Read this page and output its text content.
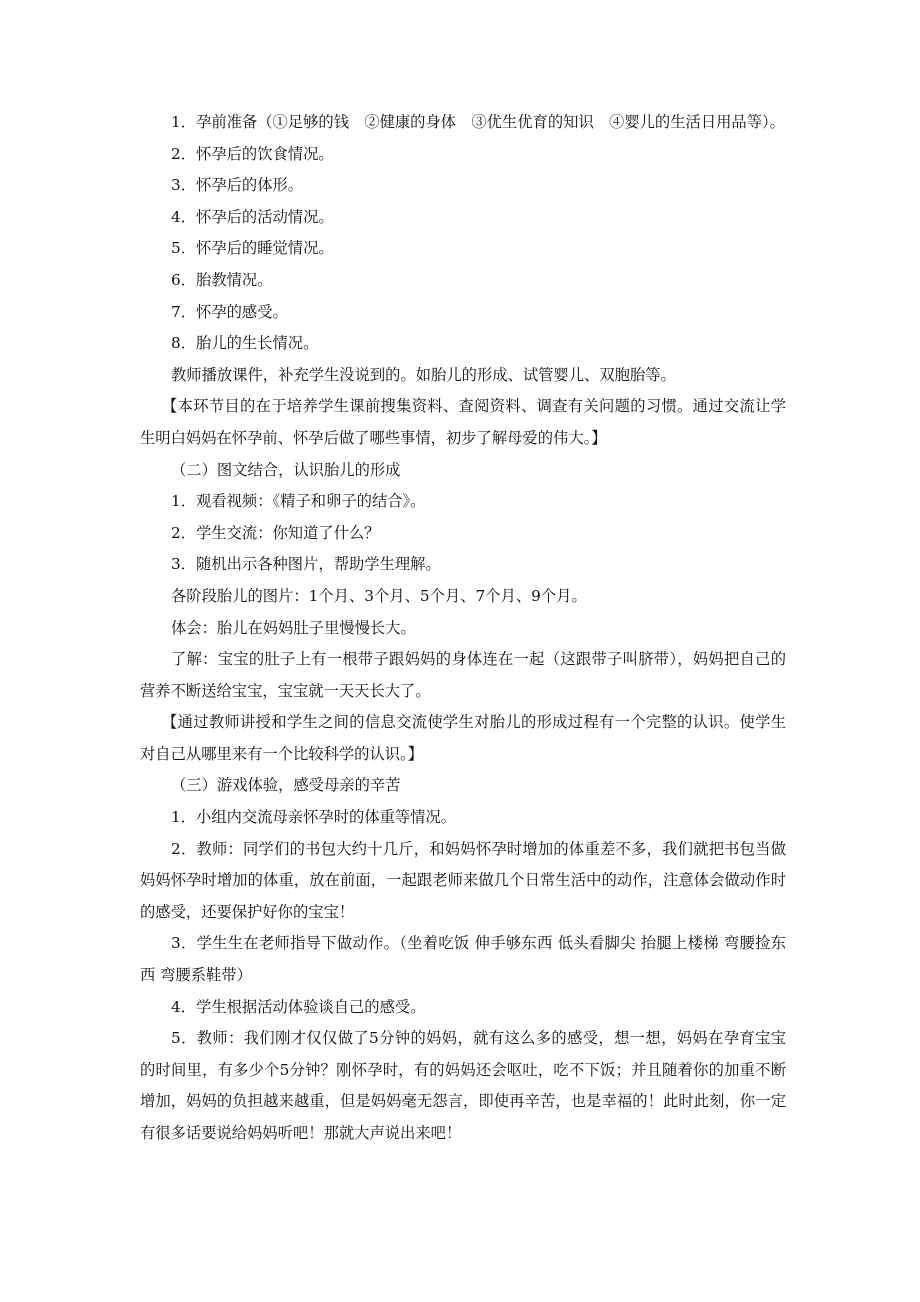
1．孕前准备（①足够的钱　②健康的身体　③优生优育的知识　④婴儿的生活日用品等）。

2．怀孕后的饮食情况。

3．怀孕后的体形。

4．怀孕后的活动情况。

5．怀孕后的睡觉情况。

6．胎教情况。

7．怀孕的感受。

8．胎儿的生长情况。

教师播放课件，补充学生没说到的。如胎儿的形成、试管婴儿、双胞胎等。

【本环节目的在于培养学生课前搜集资料、查阅资料、调查有关问题的习惯。通过交流让学生明白妈妈在怀孕前、怀孕后做了哪些事情，初步了解母爱的伟大。】

（二）图文结合，认识胎儿的形成

1．观看视频：《精子和卵子的结合》。

2．学生交流：你知道了什么？

3．随机出示各种图片，帮助学生理解。

各阶段胎儿的图片：1个月、3个月、5个月、7个月、9个月。

体会：胎儿在妈妈肚子里慢慢长大。

了解：宝宝的肚子上有一根带子跟妈妈的身体连在一起（这跟带子叫脐带），妈妈把自己的营养不断送给宝宝，宝宝就一天天长大了。

【通过教师讲授和学生之间的信息交流使学生对胎儿的形成过程有一个完整的认识。使学生对自己从哪里来有一个比较科学的认识。】

（三）游戏体验，感受母亲的辛苦

1．小组内交流母亲怀孕时的体重等情况。

2．教师：同学们的书包大约十几斤，和妈妈怀孕时增加的体重差不多，我们就把书包当做妈妈怀孕时增加的体重，放在前面，一起跟老师来做几个日常生活中的动作，注意体会做动作时的感受，还要保护好你的宝宝！

3．学生生在老师指导下做动作。（坐着吃饭 伸手够东西 低头看脚尖 抬腿上楼梯 弯腰捡东西 弯腰系鞋带）

4．学生根据活动体验谈自己的感受。

5．教师：我们刚才仅仅做了5分钟的妈妈，就有这么多的感受，想一想，妈妈在孕育宝宝的时间里，有多少个5分钟？刚怀孕时，有的妈妈还会呕吐，吃不下饭；并且随着你的加重不断增加，妈妈的负担越来越重，但是妈妈毫无怨言，即使再辛苦，也是幸福的！此时此刻，你一定有很多话要说给妈妈听吧！那就大声说出来吧！
